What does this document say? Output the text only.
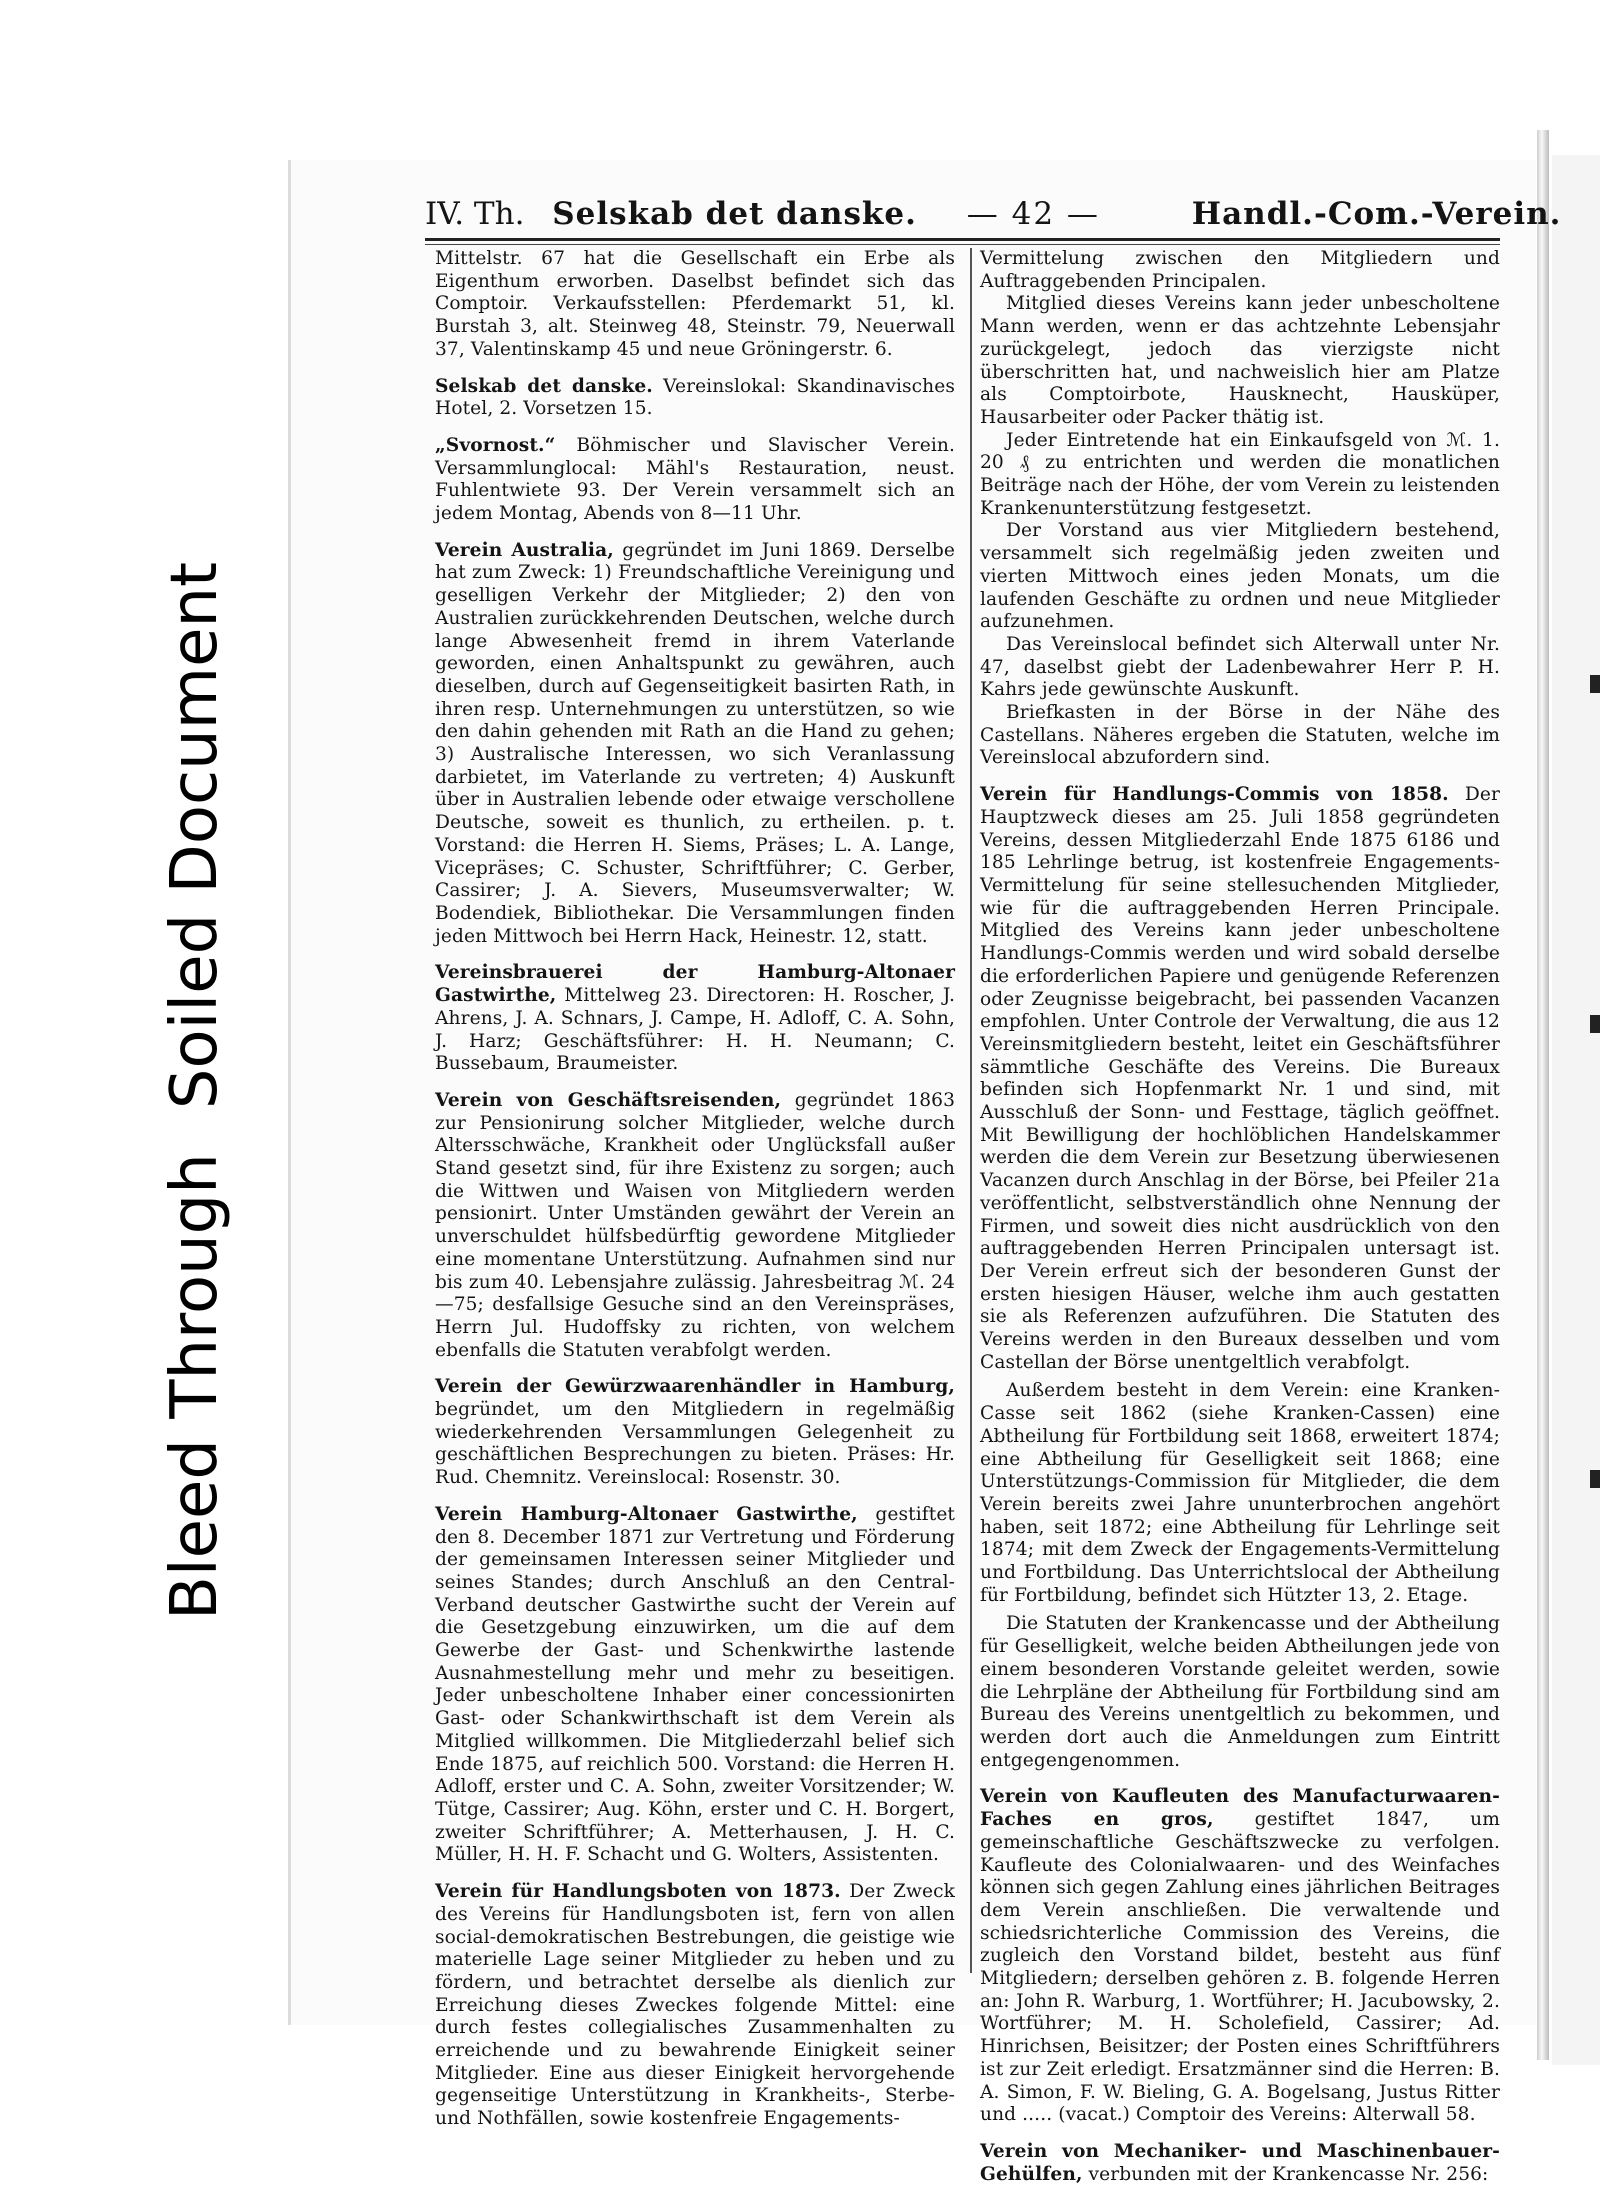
Bleed ThroughSoiled Document
IV. Th. Selskab det danske. — 42 —	Handl.-Com.-Verein.

Mittelstr. 67 hat die Gesellschaft ein Erbe als Eigenthum erworben. Daselbst befindet sich das Comptoir. Verkaufsstellen: Pferdemarkt 51, kl. Burstah 3, alt. Steinweg 48, Steinstr. 79, Neuerwall 37, Valentinskamp 45 und neue Gröningerstr. 6.

Selskab det danske. Vereinslokal: Skandinavisches Hotel, 2. Vorsetzen 15.

„Svornost.“ Böhmischer und Slavischer Verein. Versammlunglocal: Mähl's Restauration, neust. Fuhlentwiete 93. Der Verein versammelt sich an jedem Montag, Abends von 8—11 Uhr.

Verein Australia, gegründet im Juni 1869. Derselbe hat zum Zweck: 1) Freundschaftliche Vereinigung und geselligen Verkehr der Mitglieder; 2) den von Australien zurückkehrenden Deutschen, welche durch lange Abwesenheit fremd in ihrem Vaterlande geworden, einen Anhaltspunkt zu gewähren, auch dieselben, durch auf Gegenseitigkeit basirten Rath, in ihren resp. Unternehmungen zu unterstützen, so wie den dahin gehenden mit Rath an die Hand zu gehen; 3) Australische Interessen, wo sich Veranlassung darbietet, im Vaterlande zu vertreten; 4) Auskunft über in Australien lebende oder etwaige verschollene Deutsche, soweit es thunlich, zu ertheilen. p. t. Vorstand: die Herren H. Siems, Präses; L. A. Lange, Vicepräses; C. Schuster, Schriftführer; C. Gerber, Cassirer; J. A. Sievers, Museumsverwalter; W. Bodendiek, Bibliothekar. Die Versammlungen finden jeden Mittwoch bei Herrn Hack, Heinestr. 12, statt.

Vereinsbrauerei der Hamburg-Altonaer Gastwirthe, Mittelweg 23. Directoren: H. Roscher, J. Ahrens, J. A. Schnars, J. Campe, H. Adloff, C. A. Sohn, J. Harz; Geschäftsführer: H. H. Neumann; C. Bussebaum, Braumeister.

Verein von Geschäftsreisenden, gegründet 1863 zur Pensionirung solcher Mitglieder, welche durch Altersschwäche, Krankheit oder Unglücksfall außer Stand gesetzt sind, für ihre Existenz zu sorgen; auch die Wittwen und Waisen von Mitgliedern werden pensionirt. Unter Umständen gewährt der Verein an unverschuldet hülfsbedürftig gewordene Mitglieder eine momentane Unterstützung. Aufnahmen sind nur bis zum 40. Lebensjahre zulässig. Jahresbeitrag ℳ. 24—75; desfallsige Gesuche sind an den Vereinspräses, Herrn Jul. Hudoffsky zu richten, von welchem ebenfalls die Statuten verabfolgt werden.

Verein der Gewürzwaarenhändler in Hamburg, begründet, um den Mitgliedern in regelmäßig wiederkehrenden Versammlungen Gelegenheit zu geschäftlichen Besprechungen zu bieten. Präses: Hr. Rud. Chemnitz. Vereinslocal: Rosenstr. 30.

Verein Hamburg-Altonaer Gastwirthe, gestiftet den 8. December 1871 zur Vertretung und Förderung der gemeinsamen Interessen seiner Mitglieder und seines Standes; durch Anschluß an den Central-Verband deutscher Gastwirthe sucht der Verein auf die Gesetzgebung einzuwirken, um die auf dem Gewerbe der Gast- und Schenkwirthe lastende Ausnahmestellung mehr und mehr zu beseitigen. Jeder unbescholtene Inhaber einer concessionirten Gast- oder Schankwirthschaft ist dem Verein als Mitglied willkommen. Die Mitgliederzahl belief sich Ende 1875, auf reichlich 500. Vorstand: die Herren H. Adloff, erster und C. A. Sohn, zweiter Vorsitzender; W. Tütge, Cassirer; Aug. Köhn, erster und C. H. Borgert, zweiter Schriftführer; A. Metterhausen, J. H. C. Müller, H. H. F. Schacht und G. Wolters, Assistenten.

Verein für Handlungsboten von 1873. Der Zweck des Vereins für Handlungsboten ist, fern von allen social-demokratischen Bestrebungen, die geistige wie materielle Lage seiner Mitglieder zu heben und zu fördern, und betrachtet derselbe als dienlich zur Erreichung dieses Zweckes folgende Mittel: eine durch festes collegialisches Zusammenhalten zu erreichende und zu bewahrende Einigkeit seiner Mitglieder. Eine aus dieser Einigkeit hervorgehende gegenseitige Unterstützung in Krankheits-, Sterbe- und Nothfällen, sowie kostenfreie Engagements-

Vermittelung zwischen den Mitgliedern und Auftraggebenden Principalen.

Mitglied dieses Vereins kann jeder unbescholtene Mann werden, wenn er das achtzehnte Lebensjahr zurückgelegt, jedoch das vierzigste nicht überschritten hat, und nachweislich hier am Platze als Comptoirbote, Hausknecht, Hausküper, Hausarbeiter oder Packer thätig ist.

Jeder Eintretende hat ein Einkaufsgeld von ℳ. 1. 20 ₰ zu entrichten und werden die monatlichen Beiträge nach der Höhe, der vom Verein zu leistenden Krankenunterstützung festgesetzt.

Der Vorstand aus vier Mitgliedern bestehend, versammelt sich regelmäßig jeden zweiten und vierten Mittwoch eines jeden Monats, um die laufenden Geschäfte zu ordnen und neue Mitglieder aufzunehmen.

Das Vereinslocal befindet sich Alterwall unter Nr. 47, daselbst giebt der Ladenbewahrer Herr P. H. Kahrs jede gewünschte Auskunft.

Briefkasten in der Börse in der Nähe des Castellans. Näheres ergeben die Statuten, welche im Vereinslocal abzufordern sind.

Verein für Handlungs-Commis von 1858. Der Hauptzweck dieses am 25. Juli 1858 gegründeten Vereins, dessen Mitgliederzahl Ende 1875 6186 und 185 Lehrlinge betrug, ist kostenfreie Engagements-Vermittelung für seine stellesuchenden Mitglieder, wie für die auftraggebenden Herren Principale. Mitglied des Vereins kann jeder unbescholtene Handlungs-Commis werden und wird sobald derselbe die erforderlichen Papiere und genügende Referenzen oder Zeugnisse beigebracht, bei passenden Vacanzen empfohlen. Unter Controle der Verwaltung, die aus 12 Vereinsmitgliedern besteht, leitet ein Geschäftsführer sämmtliche Geschäfte des Vereins. Die Bureaux befinden sich Hopfenmarkt Nr. 1 und sind, mit Ausschluß der Sonn- und Festtage, täglich geöffnet. Mit Bewilligung der hochlöblichen Handelskammer werden die dem Verein zur Besetzung überwiesenen Vacanzen durch Anschlag in der Börse, bei Pfeiler 21a veröffentlicht, selbstverständlich ohne Nennung der Firmen, und soweit dies nicht ausdrücklich von den auftraggebenden Herren Principalen untersagt ist. Der Verein erfreut sich der besonderen Gunst der ersten hiesigen Häuser, welche ihm auch gestatten sie als Referenzen aufzuführen. Die Statuten des Vereins werden in den Bureaux desselben und vom Castellan der Börse unentgeltlich verabfolgt.

Außerdem besteht in dem Verein: eine Kranken-Casse seit 1862 (siehe Kranken-Cassen) eine Abtheilung für Fortbildung seit 1868, erweitert 1874; eine Abtheilung für Geselligkeit seit 1868; eine Unterstützungs-Commission für Mitglieder, die dem Verein bereits zwei Jahre ununterbrochen angehört haben, seit 1872; eine Abtheilung für Lehrlinge seit 1874; mit dem Zweck der Engagements-Vermittelung und Fortbildung. Das Unterrichtslocal der Abtheilung für Fortbildung, befindet sich Hützter 13, 2. Etage.

Die Statuten der Krankencasse und der Abtheilung für Geselligkeit, welche beiden Abtheilungen jede von einem besonderen Vorstande geleitet werden, sowie die Lehrpläne der Abtheilung für Fortbildung sind am Bureau des Vereins unentgeltlich zu bekommen, und werden dort auch die Anmeldungen zum Eintritt entgegengenommen.

Verein von Kaufleuten des Manufacturwaaren-Faches en gros, gestiftet 1847, um gemeinschaftliche Geschäftszwecke zu verfolgen. Kaufleute des Colonialwaaren- und des Weinfaches können sich gegen Zahlung eines jährlichen Beitrages dem Verein anschließen. Die verwaltende und schiedsrichterliche Commission des Vereins, die zugleich den Vorstand bildet, besteht aus fünf Mitgliedern; derselben gehören z. B. folgende Herren an: John R. Warburg, 1. Wortführer; H. Jacubowsky, 2. Wortführer; M. H. Scholefield, Cassirer; Ad. Hinrichsen, Beisitzer; der Posten eines Schriftführers ist zur Zeit erledigt. Ersatzmänner sind die Herren: B. A. Simon, F. W. Bieling, G. A. Bogelsang, Justus Ritter und ..... (vacat.) Comptoir des Vereins: Alterwall 58.

Verein von Mechaniker- und Maschinenbauer-Gehülfen, verbunden mit der Krankencasse Nr. 256:
